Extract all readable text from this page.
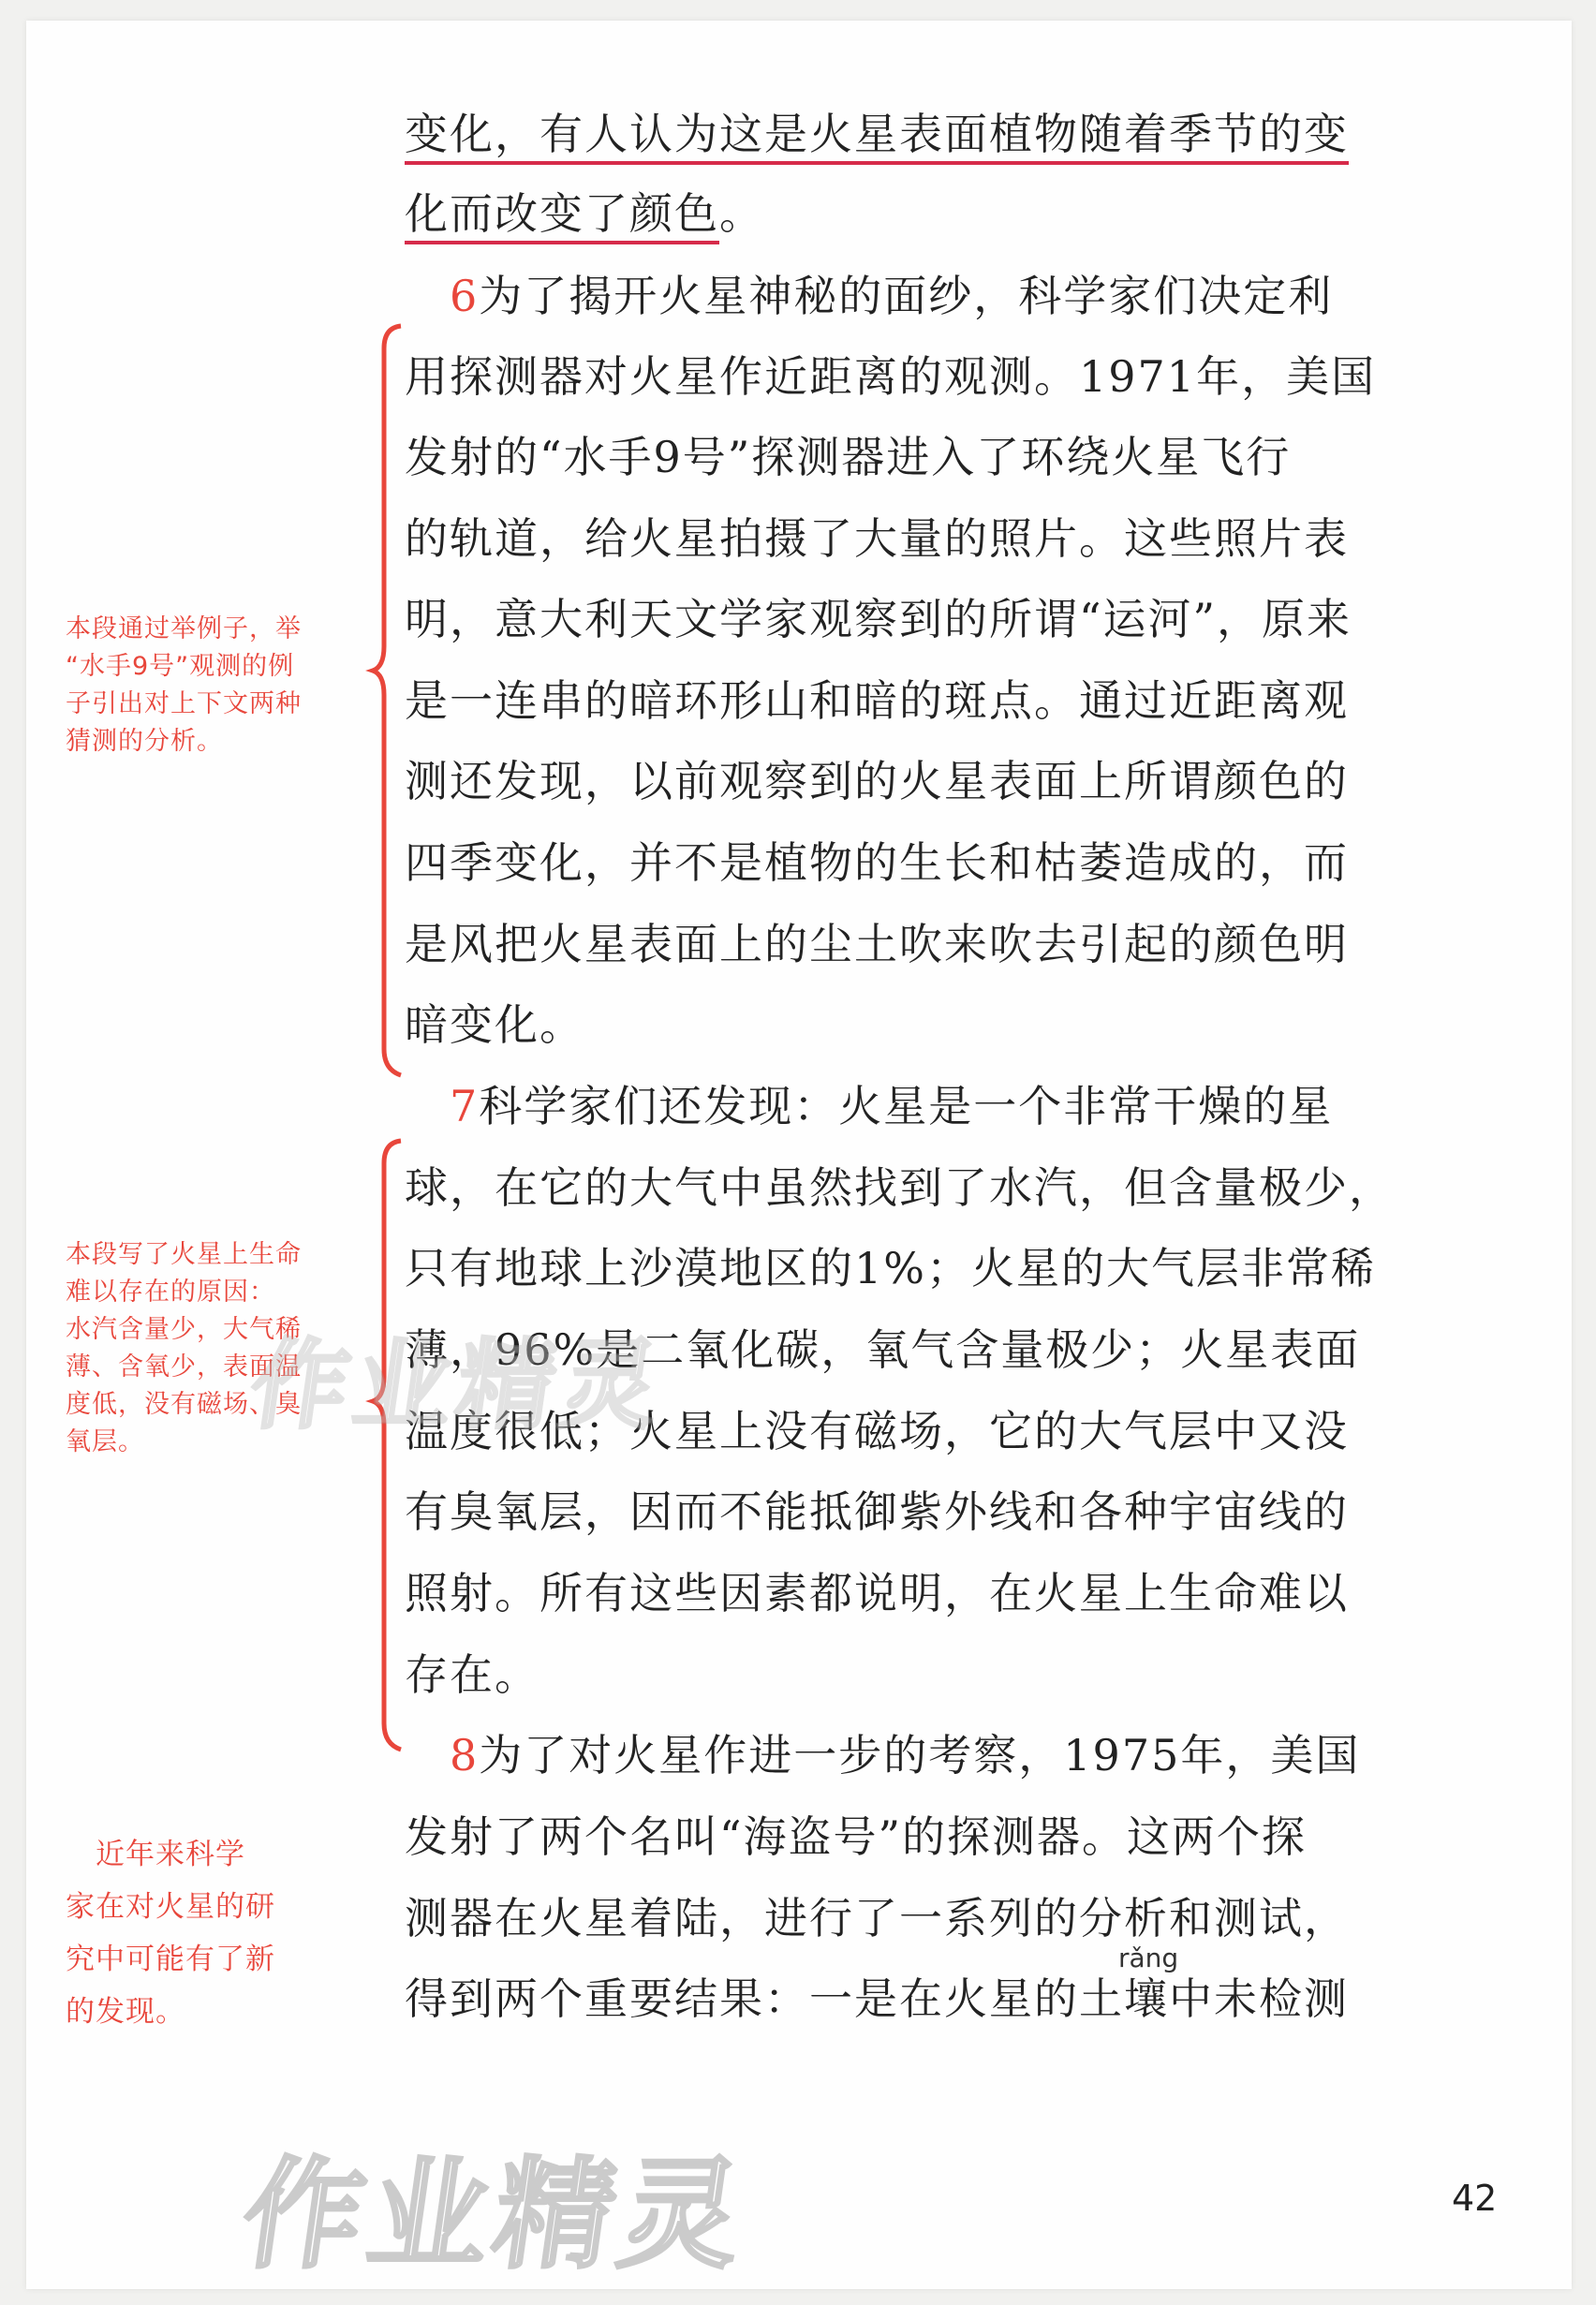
变化，有人认为这是火星表面植物随着季节的变
化而改变了颜色。
　6为了揭开火星神秘的面纱，科学家们决定利
用探测器对火星作近距离的观测。1971年，美国
发射的“水手9号”探测器进入了环绕火星飞行
的轨道，给火星拍摄了大量的照片。这些照片表
明，意大利天文学家观察到的所谓“运河”，原来
是一连串的暗环形山和暗的斑点。通过近距离观
测还发现，以前观察到的火星表面上所谓颜色的
四季变化，并不是植物的生长和枯萎造成的，而
是风把火星表面上的尘土吹来吹去引起的颜色明
暗变化。
　7科学家们还发现：火星是一个非常干燥的星
球，在它的大气中虽然找到了水汽，但含量极少，
只有地球上沙漠地区的1%；火星的大气层非常稀
薄，96%是二氧化碳，氧气含量极少；火星表面
温度很低；火星上没有磁场，它的大气层中又没
有臭氧层，因而不能抵御紫外线和各种宇宙线的
照射。所有这些因素都说明，在火星上生命难以
存在。
　8为了对火星作进一步的考察，1975年，美国
发射了两个名叫“海盗号”的探测器。这两个探
测器在火星着陆，进行了一系列的分析和测试，
得到两个重要结果：一是在火星的土
rǎng
壤中未检测
本段通过举例子，举
“水手9号”观测的例
子引出对上下文两种
猜测的分析。
本段写了火星上生命
难以存在的原因：
水汽含量少，大气稀
薄、含氧少，表面温
度低，没有磁场、臭
氧层。
　近年来科学
家在对火星的研
究中可能有了新
的发现。
作业精灵
作业精灵	42
